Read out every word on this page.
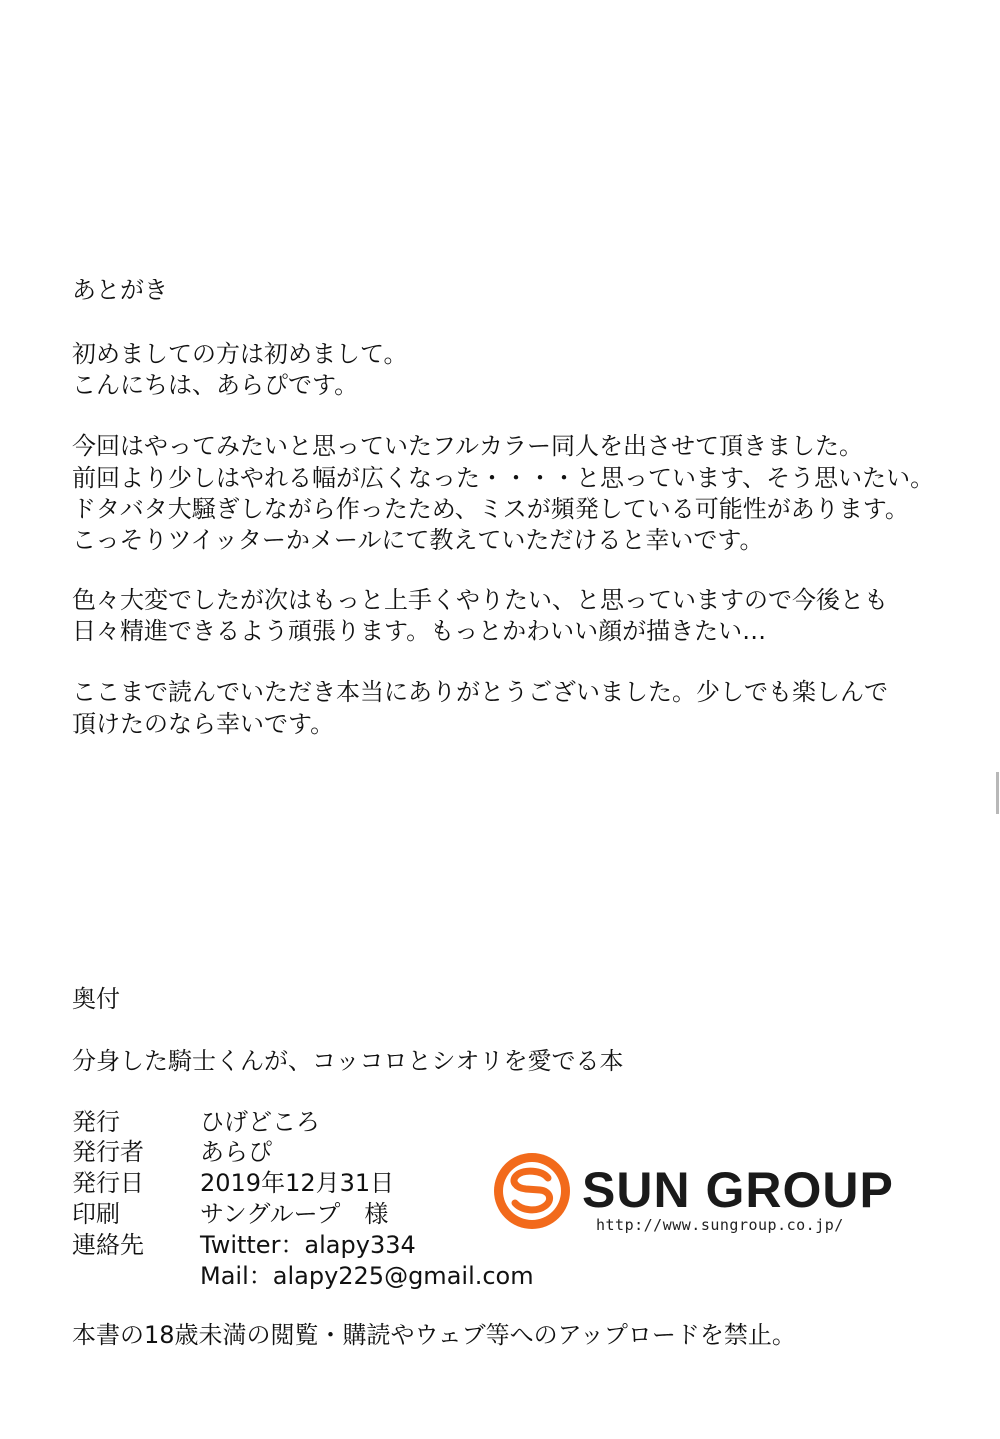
あとがき
初めましての方は初めまして。
こんにちは、あらぴです。
今回はやってみたいと思っていたフルカラー同人を出させて頂きました。
前回より少しはやれる幅が広くなった・・・・と思っています、そう思いたい。
ドタバタ大騒ぎしながら作ったため、ミスが頻発している可能性があります。
こっそりツイッターかメールにて教えていただけると幸いです。
色々大変でしたが次はもっと上手くやりたい、と思っていますので今後とも
日々精進できるよう頑張ります。もっとかわいい顔が描きたい…
ここまで読んでいただき本当にありがとうございました。少しでも楽しんで
頂けたのなら幸いです。
奥付
分身した騎士くんが、コッコロとシオリを愛でる本
発行	ひげどころ
発行者	あらぴ
発行日	2019年12月31日
印刷	サングループ　様
連絡先	Twitter：alapy334
Mail：alapy225@gmail.com
本書の18歳未満の閲覧・購読やウェブ等へのアップロードを禁止。
SUN GROUP
http://www.sungroup.co.jp/
